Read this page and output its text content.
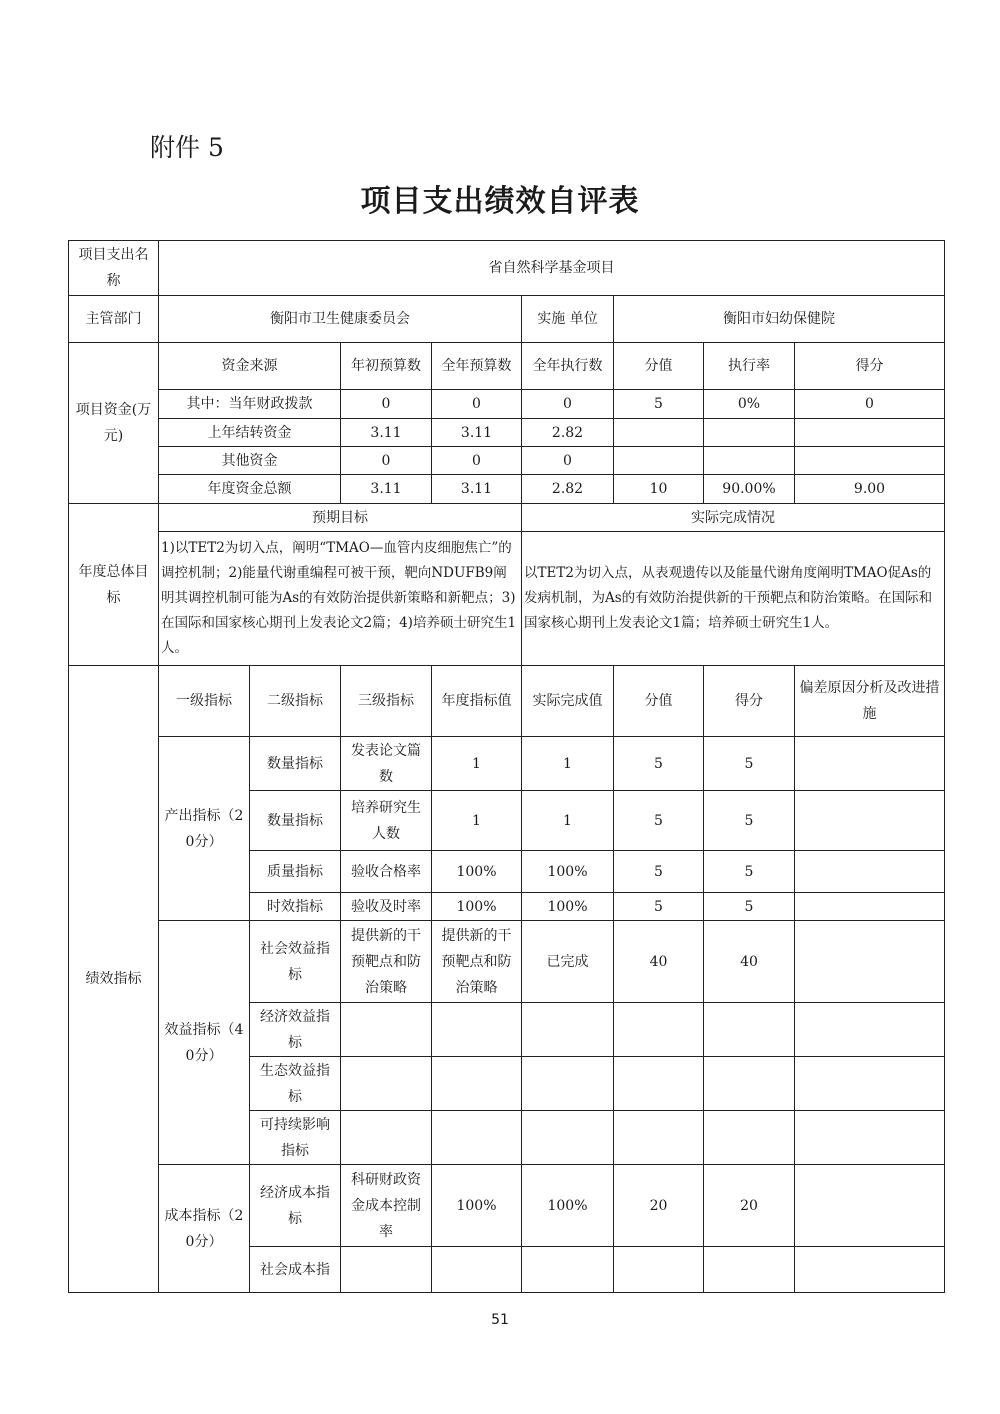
附件 5
项目支出绩效自评表
项目支出名称	省自然科学基金项目							
主管部门	衡阳市卫生健康委员会				实施 单位	衡阳市妇幼保健院		
项目资金(万元)	资金来源		年初预算数	全年预算数	全年执行数	分值	执行率	得分
	其中：当年财政拨款		0	0	0	5	0%	0
	上年结转资金		3.11	3.11	2.82			
	其他资金		0	0	0			
	年度资金总额		3.11	3.11	2.82	10	90.00%	9.00
年度总体目标	预期目标				实际完成情况			
	1)以TET2为切入点，阐明“TMAO—血管内皮细胞焦亡”的调控机制；2)能量代谢重编程可被干预，靶向NDUFB9阐明其调控机制可能为As的有效防治提供新策略和新靶点；3)在国际和国家核心期刊上发表论文2篇；4)培养硕士研究生1人。				以TET2为切入点，从表观遗传以及能量代谢角度阐明TMAO促As的发病机制，为As的有效防治提供新的干预靶点和防治策略。在国际和国家核心期刊上发表论文1篇；培养硕士研究生1人。			
绩效指标	一级指标	二级指标	三级指标	年度指标值	实际完成值	分值	得分	偏差原因分析及改进措施
	产出指标（20分）	数量指标	发表论文篇数	1	1	5	5	
		数量指标	培养研究生人数	1	1	5	5	
		质量指标	验收合格率	100%	100%	5	5	
		时效指标	验收及时率	100%	100%	5	5	
	效益指标（40分）	社会效益指标	提供新的干预靶点和防治策略	提供新的干预靶点和防治策略	已完成	40	40	
		经济效益指标						
		生态效益指标						
		可持续影响指标						
	成本指标（20分）	经济成本指标	科研财政资金成本控制率	100%	100%	20	20	
		社会成本指						
51
